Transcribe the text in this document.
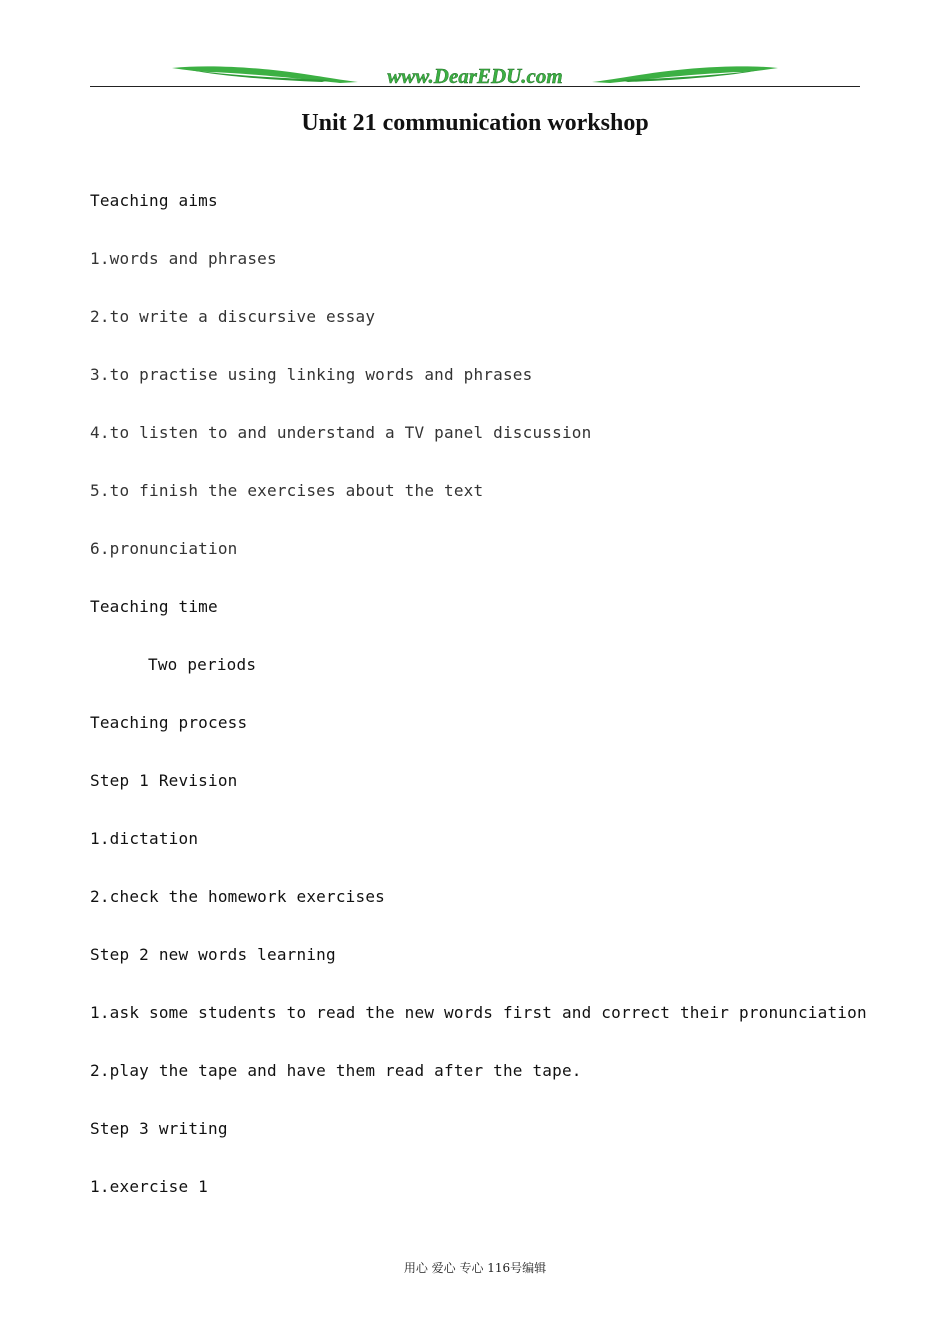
www.DearEDU.com
Unit 21 communication workshop
Teaching aims
1.words and phrases
2.to write a discursive essay
3.to practise using linking words and phrases
4.to listen to and understand a TV panel discussion
5.to finish the exercises about the text
6.pronunciation
Teaching time
Two periods
Teaching process
Step 1 Revision
1.dictation
2.check the homework exercises
Step 2 new words learning
1.ask some students to read the new words first and correct their pronunciation
2.play the tape and have them read after the tape.
Step 3 writing
1.exercise 1
用心 爱心 专心 116号编辑
